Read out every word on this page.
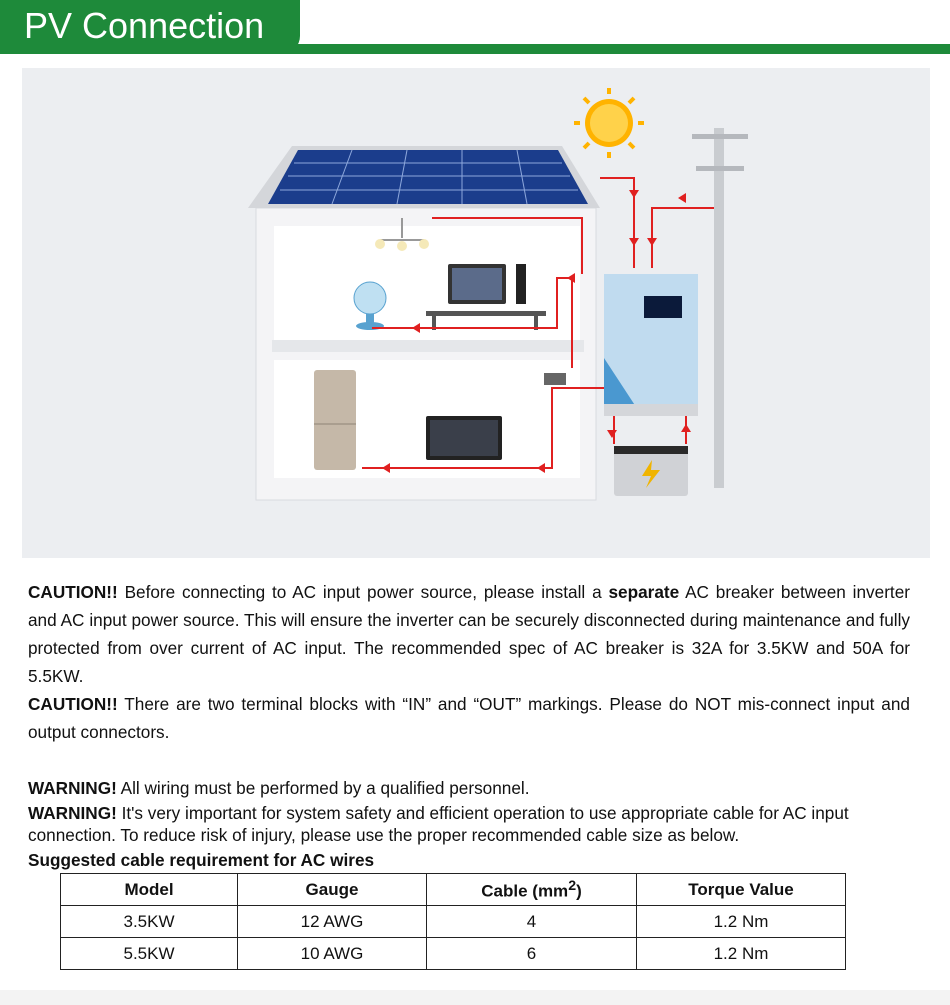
PV Connection
CAUTION!! Before connecting to AC input power source, please install a separate AC breaker between inverter and AC input power source. This will ensure the inverter can be securely disconnected during maintenance and fully protected from over current of AC input. The recommended spec of AC breaker is 32A for 3.5KW and 50A for 5.5KW.
CAUTION!! There are two terminal blocks with “IN” and “OUT” markings. Please do NOT mis-connect input and output connectors.
WARNING! All wiring must be performed by a qualified personnel.
WARNING! It's very important for system safety and efficient operation to use appropriate cable for AC input connection. To reduce risk of injury, please use the proper recommended cable size as below.
Suggested cable requirement for AC wires
Model	Gauge	Cable $(mm^2)$	Torque Value
3.5KW	12 AWG	4	1.2 Nm
5.5KW	10 AWG	6	1.2 Nm
